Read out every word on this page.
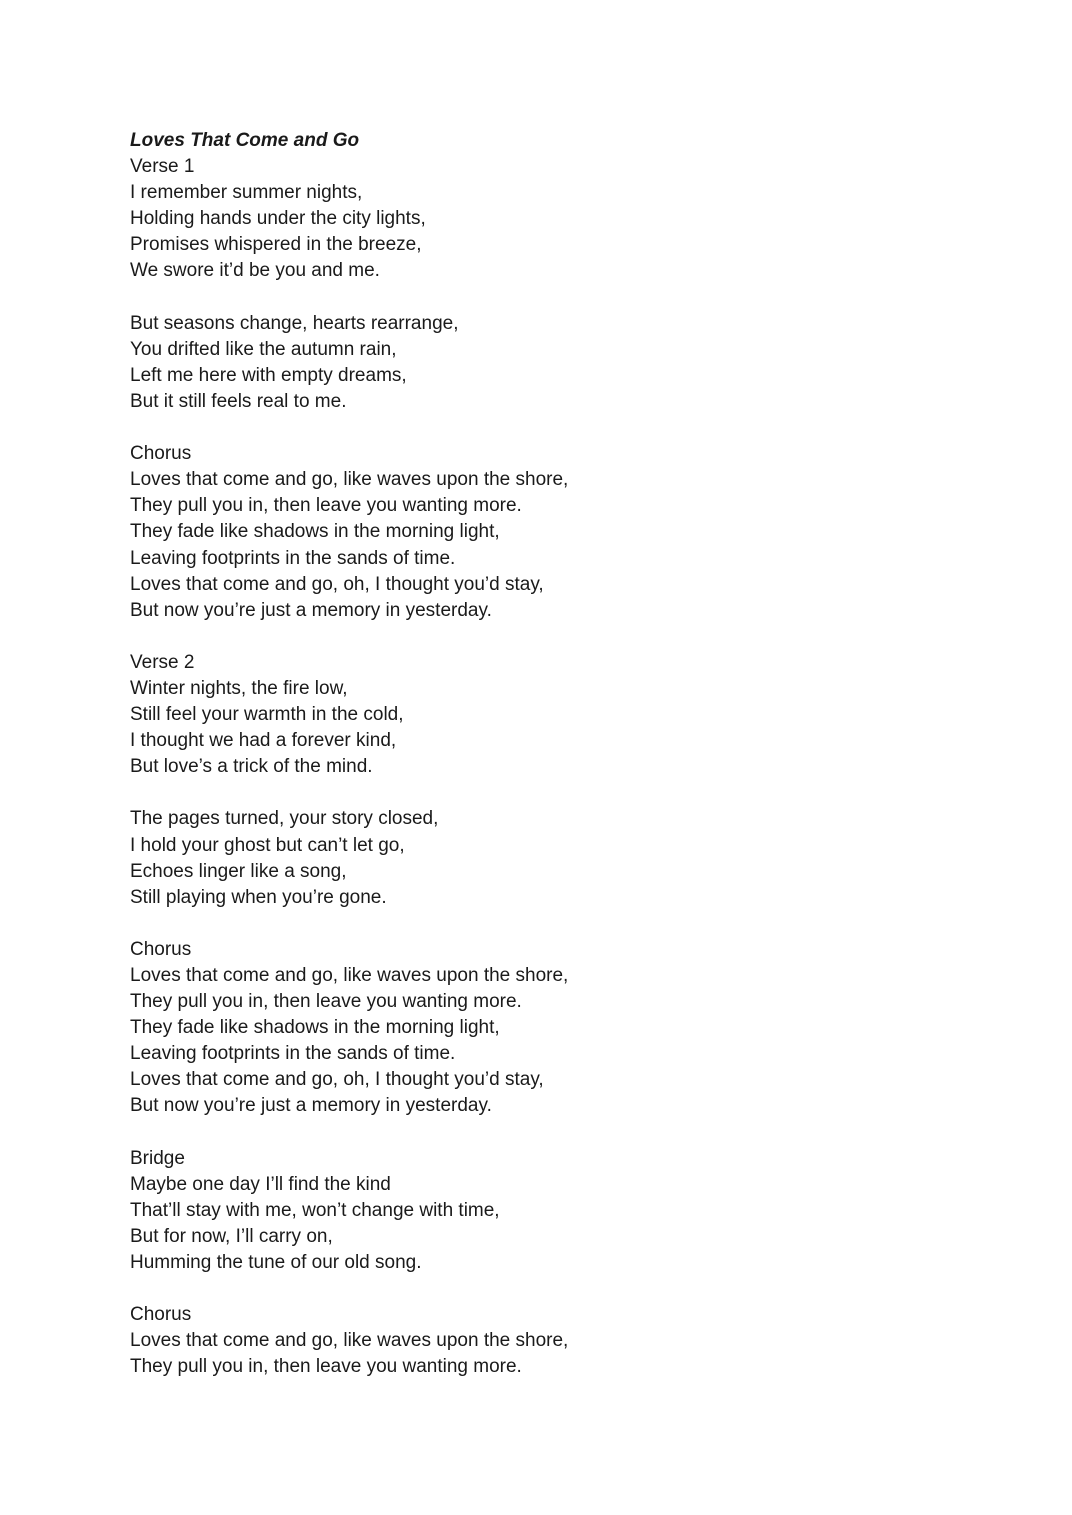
Loves That Come and Go
Verse 1
I remember summer nights,
Holding hands under the city lights,
Promises whispered in the breeze,
We swore it’d be you and me.
But seasons change, hearts rearrange,
You drifted like the autumn rain,
Left me here with empty dreams,
But it still feels real to me.
Chorus
Loves that come and go, like waves upon the shore,
They pull you in, then leave you wanting more.
They fade like shadows in the morning light,
Leaving footprints in the sands of time.
Loves that come and go, oh, I thought you’d stay,
But now you’re just a memory in yesterday.
Verse 2
Winter nights, the fire low,
Still feel your warmth in the cold,
I thought we had a forever kind,
But love’s a trick of the mind.
The pages turned, your story closed,
I hold your ghost but can’t let go,
Echoes linger like a song,
Still playing when you’re gone.
Chorus
Loves that come and go, like waves upon the shore,
They pull you in, then leave you wanting more.
They fade like shadows in the morning light,
Leaving footprints in the sands of time.
Loves that come and go, oh, I thought you’d stay,
But now you’re just a memory in yesterday.
Bridge
Maybe one day I’ll find the kind
That’ll stay with me, won’t change with time,
But for now, I’ll carry on,
Humming the tune of our old song.
Chorus
Loves that come and go, like waves upon the shore,
They pull you in, then leave you wanting more.
